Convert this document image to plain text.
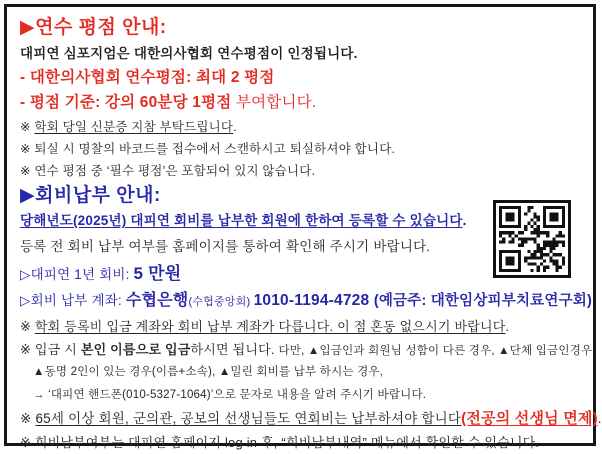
▶연수 평점 안내:
대피연 심포지엄은 대한의사협회 연수평점이 인정됩니다.
- 대한의사협회 연수평점: 최대 2 평점
- 평점 기준: 강의 60분당 1평점 부여합니다.
※ 학회 당일 신분증 지참 부탁드립니다.
※ 퇴실 시 명찰의 바코드를 접수에서 스캔하시고 퇴실하셔야 합니다.
※ 연수 평점 중 ‘필수 평점’은 포함되어 있지 않습니다.
▶회비납부 안내:
당해년도(2025년) 대피연 회비를 납부한 회원에 한하여 등록할 수 있습니다.
등록 전 회비 납부 여부를 홈페이지를 통하여 확인해 주시기 바랍니다.
▷대피연 1년 회비: 5 만원
▷회비 납부 계좌: 수협은행(수협중앙회) 1010-1194-4728 (예금주: 대한임상피부치료연구회)
※ 학회 등록비 입금 계좌와 회비 납부 계좌가 다릅니다. 이 점 혼동 없으시기 바랍니다.
※ 입금 시 본인 이름으로 입금하시면 됩니다. 다만, ▲입금인과 회원님 성함이 다른 경우, ▲단체 입금인경우,
▲동명 2인이 있는 경우(이름+소속), ▲밀린 회비를 납부 하시는 경우,
→ ‘대피연 핸드폰(010-5327-1064)’으로 문자로 내용을 알려 주시기 바랍니다.
※ 65세 이상 회원, 군의관, 공보의 선생님들도 연회비는 납부하셔야 합니다(전공의 선생님 면제).
※ 회비납부여부는 대피연 홈페이지 log in 후, “회비납부내역” 메뉴에서 확인할 수 있습니다.
